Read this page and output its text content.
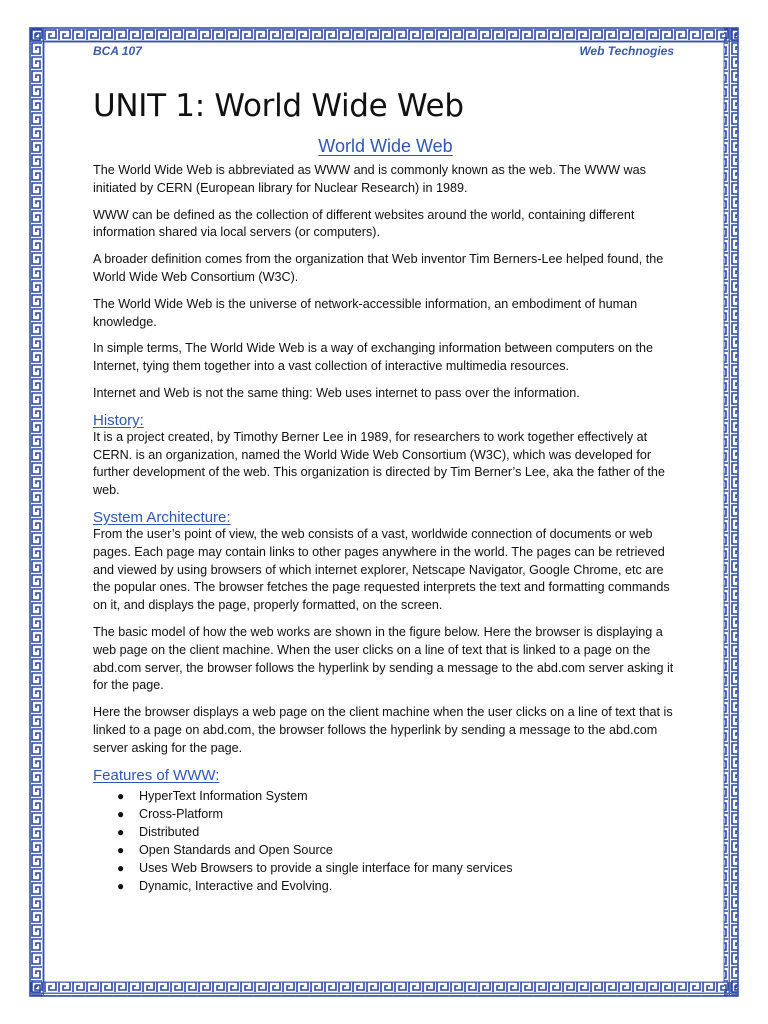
BCA 107	Web Technogies
UNIT 1: World Wide Web
World Wide Web

The World Wide Web is abbreviated as WWW and is commonly known as the web. The WWW was initiated by CERN (European library for Nuclear Research) in 1989.

WWW can be defined as the collection of different websites around the world, containing different information shared via local servers (or computers).

A broader definition comes from the organization that Web inventor Tim Berners-Lee helped found, the World Wide Web Consortium (W3C).

The World Wide Web is the universe of network-accessible information, an embodiment of human knowledge.

In simple terms, The World Wide Web is a way of exchanging information between computers on the Internet, tying them together into a vast collection of interactive multimedia resources.

Internet and Web is not the same thing: Web uses internet to pass over the information.

History:

It is a project created, by Timothy Berner Lee in 1989, for researchers to work together effectively at CERN. is an organization, named the World Wide Web Consortium (W3C), which was developed for further development of the web. This organization is directed by Tim Berner’s Lee, aka the father of the web.

System Architecture:

From the user’s point of view, the web consists of a vast, worldwide connection of documents or web pages. Each page may contain links to other pages anywhere in the world. The pages can be retrieved and viewed by using browsers of which internet explorer, Netscape Navigator, Google Chrome, etc are the popular ones. The browser fetches the page requested interprets the text and formatting commands on it, and displays the page, properly formatted, on the screen.

The basic model of how the web works are shown in the figure below. Here the browser is displaying a web page on the client machine. When the user clicks on a line of text that is linked to a page on the abd.com server, the browser follows the hyperlink by sending a message to the abd.com server asking it for the page.

Here the browser displays a web page on the client machine when the user clicks on a line of text that is linked to a page on abd.com, the browser follows the hyperlink by sending a message to the abd.com server asking for the page.

Features of WWW:
● HyperText Information System
● Cross-Platform
● Distributed
● Open Standards and Open Source
● Uses Web Browsers to provide a single interface for many services
● Dynamic, Interactive and Evolving.
